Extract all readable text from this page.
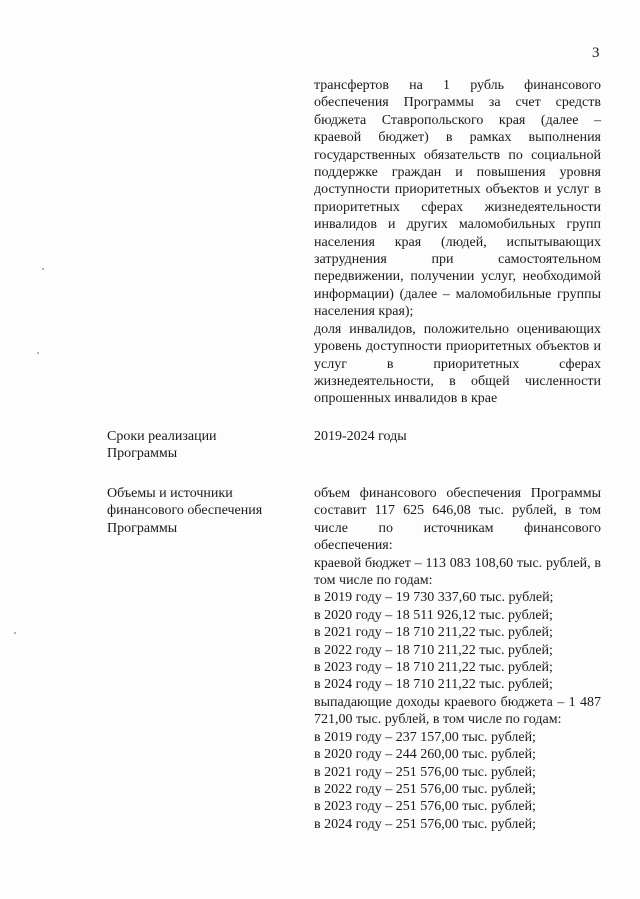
3

трансфертов на 1 рубль финансового обеспечения Программы за счет средств бюджета Ставропольского края (далее – краевой бюджет) в рамках выполнения государственных обязательств по социальной поддержке граждан и повышения уровня доступности приоритетных объектов и услуг в приоритетных сферах жизнедеятельности инвалидов и других маломобильных групп населения края (людей, испытывающих затруднения при самостоятельном передвижении, получении услуг, необходимой информации) (далее – маломобильные группы населения края);

доля инвалидов, положительно оценивающих уровень доступности приоритетных объектов и услуг в приоритетных сферах жизнедеятельности, в общей численности опрошенных инвалидов в крае

Сроки реализации

Программы

2019-2024 годы

Объемы и источники

финансового обеспечения

Программы

объем финансового обеспечения Программы составит 117 625 646,08 тыс. рублей, в том числе по источникам финансового обеспечения:

краевой бюджет – 113 083 108,60 тыс. рублей, в том числе по годам:

в 2019 году – 19 730 337,60 тыс. рублей;

в 2020 году – 18 511 926,12 тыс. рублей;

в 2021 году – 18 710 211,22 тыс. рублей;

в 2022 году – 18 710 211,22 тыс. рублей;

в 2023 году – 18 710 211,22 тыс. рублей;

в 2024 году – 18 710 211,22 тыс. рублей;

выпадающие доходы краевого бюджета – 1 487 721,00 тыс. рублей, в том числе по годам:

в 2019 году – 237 157,00 тыс. рублей;

в 2020 году – 244 260,00 тыс. рублей;

в 2021 году – 251 576,00 тыс. рублей;

в 2022 году – 251 576,00 тыс. рублей;

в 2023 году – 251 576,00 тыс. рублей;

в 2024 году – 251 576,00 тыс. рублей;
